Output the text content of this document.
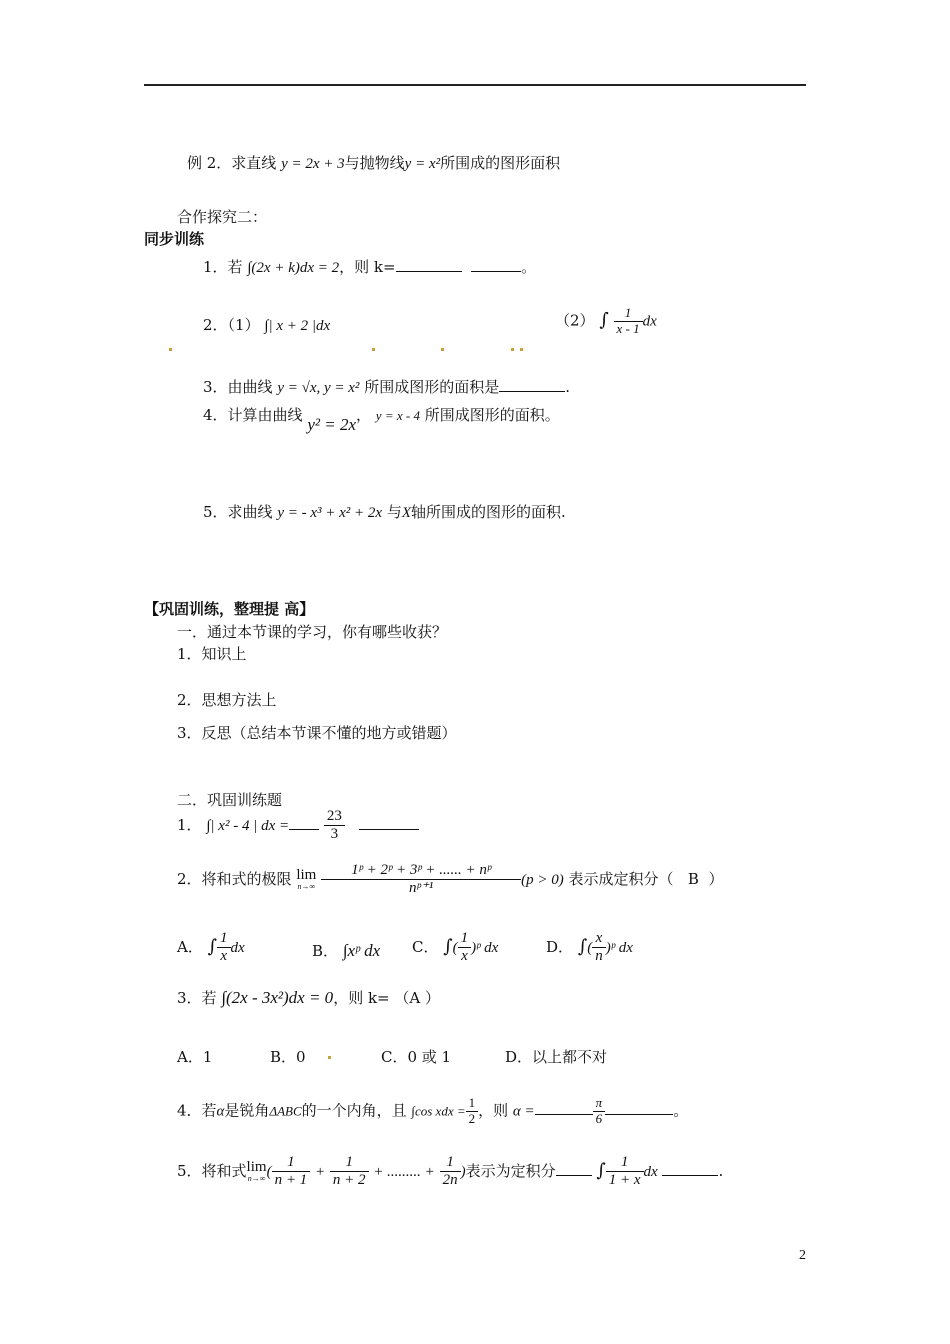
例 2．求直线 y = 2x + 3与抛物线y = x²所围成的图形面积
合作探究二：
同步训练
1．若 ∫(2x + k)dx = 2，则 k=	。
2．（1） ∫| x + 2 |dx	（2） ∫ $\frac{1}{x - 1}$ dx
3．由曲线 y = √x, y = x² 所围成图形的面积是	.
4．计算由曲线 y² = 2x， y = x - 4 所围成图形的面积。
5．求曲线 y = - x³ + x² + 2x 与X轴所围成的图形的面积.
【巩固训练，整理提 高】
一．通过本节课的学习，你有哪些收获？
1．知识上
2．思想方法上
3．反思（总结本节课不懂的地方或错题）
二．巩固训练题
1． ∫| x² - 4 | dx = $\frac{23}{3}$

2．将和式的极限 lim
n→∞
$\frac{\text{1ᵖ + 2ᵖ + 3ᵖ + ...... + nᵖ}}{\text{nᵖ⁺¹}} (p > 0)$ 表示成定积分（ B ）
A． ∫ $\frac{1}{x}$ dx	B． ∫xᵖ dx C． ∫( $\frac{1}{x}$ )ᵖ dx	D． ∫( $\frac{x}{n}$ )ᵖ dx
3．若 ∫(2x - 3x²)dx = 0，则 k= （A ）
A．1	B．0	C．0 或 1	D．以上都不对
4．若α是锐角ΔABC的一个内角，且 ∫cos xdx = $\frac{1}{2}$ ，则 α =	$\frac{\pi}{6}$	。
5．将和式lim
n→∞ ( $\frac{1}{n + 1} + \frac{1}{n + 2}$ + ......... + $\frac{1}{2n}$ )表示为定积分 ∫ $\frac{1}{1 + x}$ dx	.
2
